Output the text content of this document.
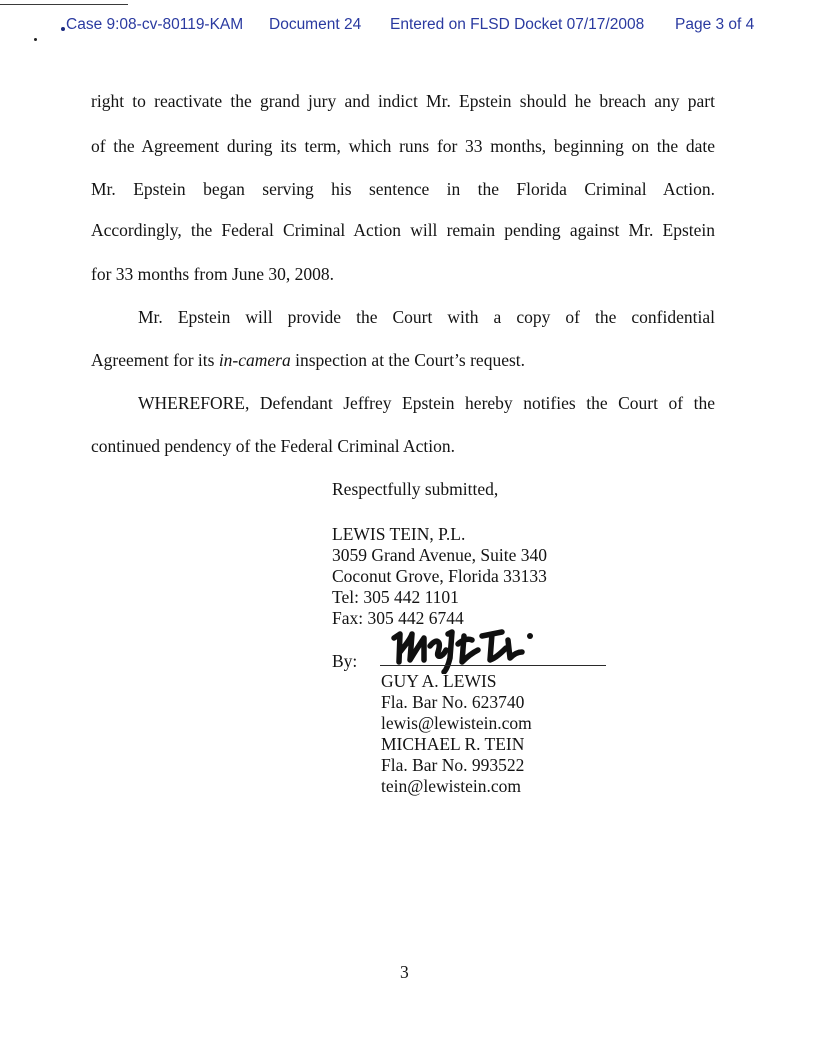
Case 9:08-cv-80119-KAM Document 24 Entered on FLSD Docket 07/17/2008 Page 3 of 4
right to reactivate the grand jury and indict Mr. Epstein should he breach any part
of the Agreement during its term, which runs for 33 months, beginning on the date
Mr. Epstein began serving his sentence in the Florida Criminal Action.
Accordingly, the Federal Criminal Action will remain pending against Mr. Epstein
for 33 months from June 30, 2008.
Mr. Epstein will provide the Court with a copy of the confidential
Agreement for its in-camera inspection at the Court’s request.
WHEREFORE, Defendant Jeffrey Epstein hereby notifies the Court of the
continued pendency of the Federal Criminal Action.
Respectfully submitted,
LEWIS TEIN, P.L.
3059 Grand Avenue, Suite 340
Coconut Grove, Florida 33133
Tel: 305 442 1101
Fax: 305 442 6744
By:
GUY A. LEWIS
Fla. Bar No. 623740
lewis@lewistein.com
MICHAEL R. TEIN
Fla. Bar No. 993522
tein@lewistein.com
3
